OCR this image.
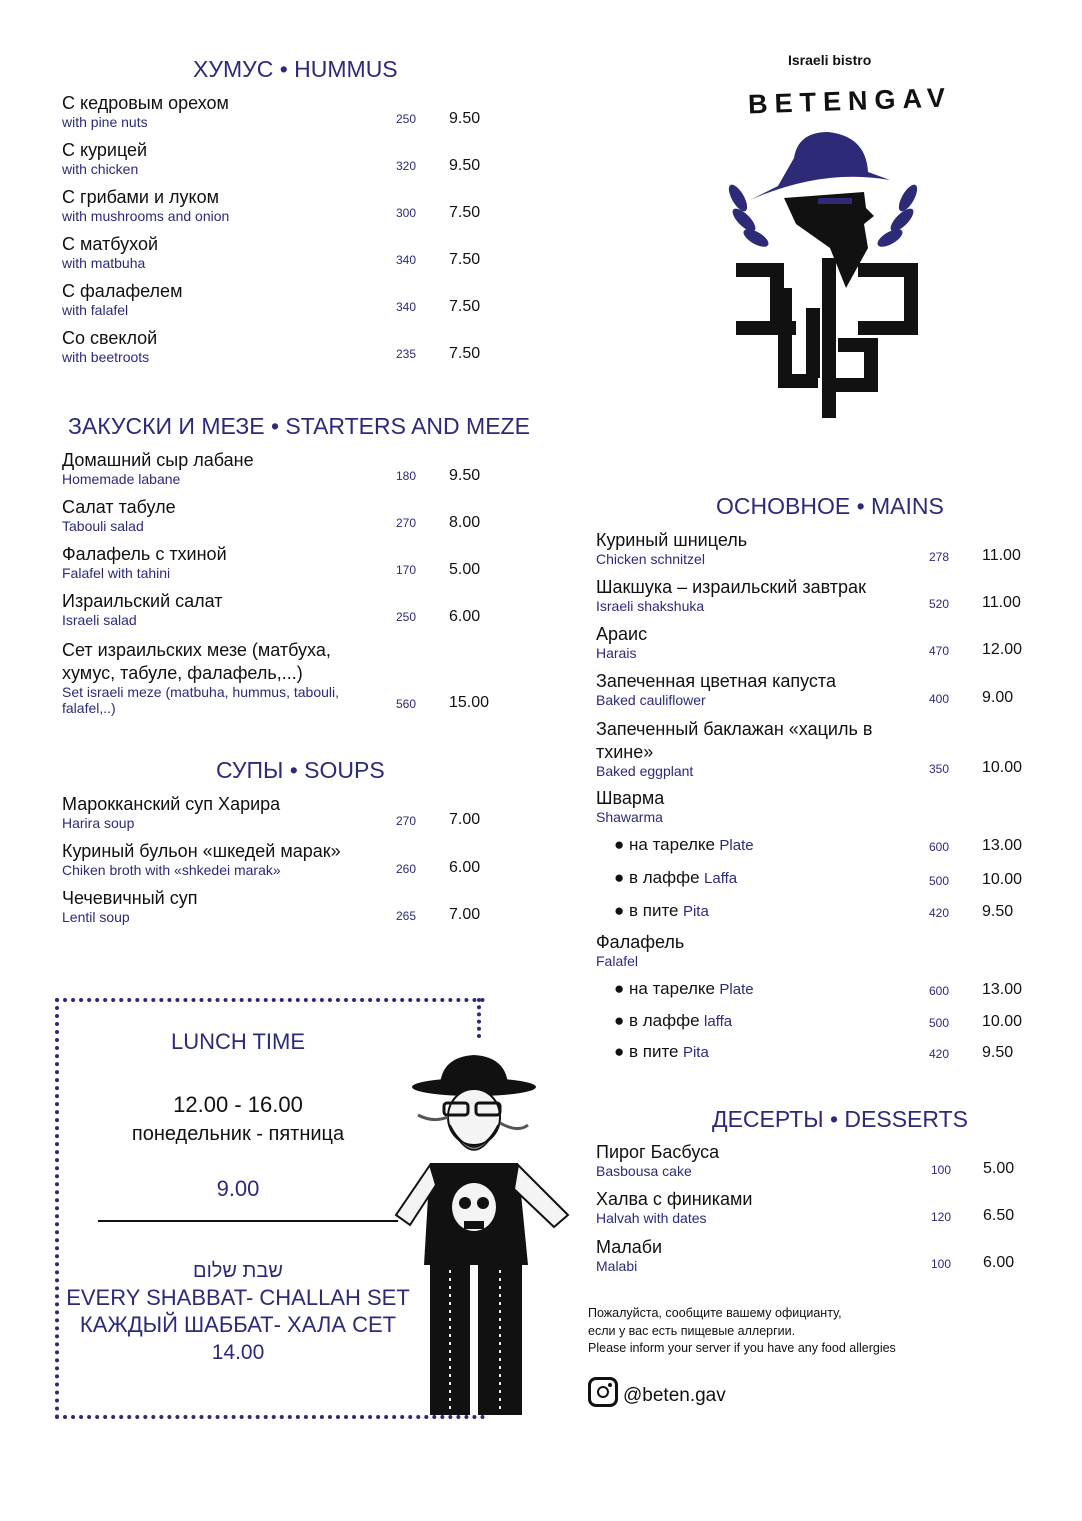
ХУМУС • HUMMUS
С кедровым орехом
with pine nuts	250 9.50
С курицей
with chicken	320 9.50
С грибами и луком
with mushrooms and onion	300 7.50
С матбухой
with matbuha	340 7.50
С фалафелем
with falafel	340 7.50
Со свеклой
with beetroots	235 7.50
ЗАКУСКИ И МЕЗЕ • STARTERS AND MEZE
Домашний сыр лабане
Homemade labane	180 9.50
Салат табуле
Tabouli salad	270 8.00
Фалафель с тхиной
Falafel with tahini	170 5.00
Израильский салат
Israeli salad	250 6.00
Сет израильских мезе (матбуха,
хумус, табуле, фалафель,...)
Set israeli meze (matbuha, hummus, tabouli,
falafel,..)	560 15.00
СУПЫ • SOUPS
Марокканский суп Харира
Harira soup	270 7.00
Куриный бульон «шкедей марак»
Chiken broth with «shkedei marak»	260 6.00
Чечевичный суп
Lentil soup	265 7.00
LUNCH TIME
12.00 - 16.00
понедельник - пятница
9.00
שבת שלום
EVERY SHABBAT- CHALLAH SET
КАЖДЫЙ ШАББАТ- ХАЛА СЕТ
14.00
Israeli bistro
BETENGAV
ОСНОВНОЕ • MAINS
Куриный шницель
Chicken schnitzel	278 11.00
Шакшука – израильский завтрак
Israeli shakshuka	520 11.00
Араис
Harais	470 12.00
Запеченная цветная капуста
Baked cauliflower	400 9.00
Запеченный баклажан «хациль в
тхине»
Baked eggplant	350 10.00
Шварма
Shawarma
● на тарелке Plate	600 13.00
● в лаффе Laffa	500 10.00
● в пите Pita	420 9.50
Фалафель
Falafel
● на тарелке Plate	600 13.00
● в лаффе laffa	500 10.00
● в пите Pita	420 9.50
ДЕСЕРТЫ • DESSERTS
Пирог Басбуса
Basbousa cake	100 5.00
Халва с финиками
Halvah with dates	120 6.50
Малаби
Malabi	100 6.00
Пожалуйста, сообщите вашему официанту,
если у вас есть пищевые аллергии.
Please inform your server if you have any food allergies
@beten.gav
